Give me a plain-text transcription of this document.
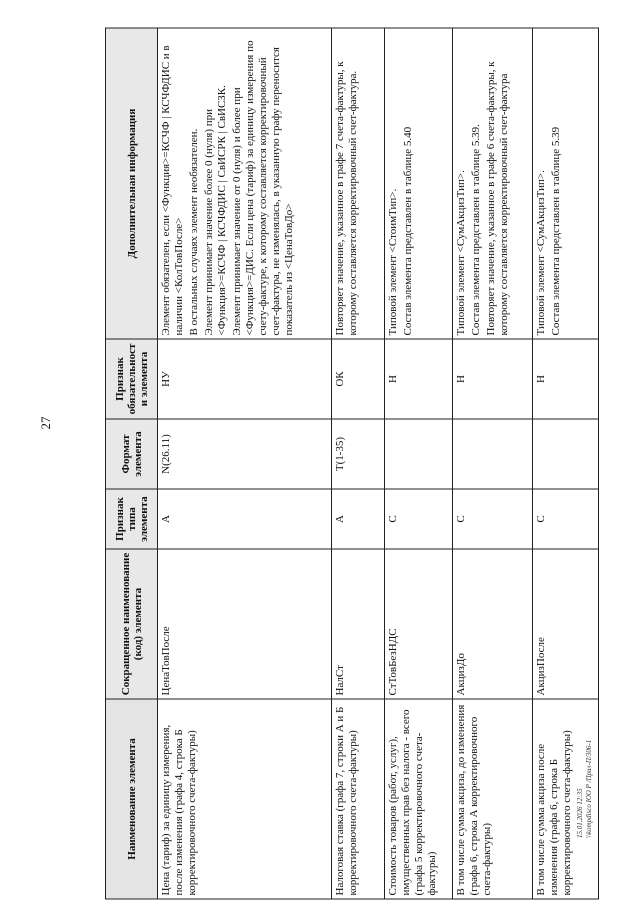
27
Наименование элемента	Сокращенное наименование (код) элемента	Признак типа элемента	Формат элемента	Признак обязательности элемента	Дополнительная информация
Цена (тариф) за единицу измерения, после изменения (графа 4, строка Б корректировочного счета-фактуры)	ЦенаТовПосле	А	N(26.11)	НУ	Элемент обязателен, если <Функция>=КСЧФ | КСЧФДИС и в наличии <КолТовПосле> В остальных случаях элемент необязателен. Элемент принимает значение более 0 (нуля) при <Функция>=КСЧФ | КСЧФДИС | СвИСРК | СвИСЗК. Элемент принимает значение от 0 (нуля) и более при <Функция>=ДИС. Если цена (тариф) за единицу измерения по счету-фактуре, к которому составляется корректировочный счет-фактура, не изменялась, в указанную графу переносится показатель из <ЦенаТовДо>

Налоговая ставка (графа 7, строки А и Б корректировочного счета-фактуры)	НалСт	А	T(1-35)	ОК	Повторяет значение, указанное в графе 7 счета-фактуры, к которому составляется корректировочный счет-фактура.

Стоимость товаров (работ, услуг), имущественных прав без налога - всего (графа 5 корректировочного счета-фактуры)	СтТовБезНДС	С		Н	Типовой элемент <СтоимТип>. Состав элемента представлен в таблице 5.40

В том числе сумма акциза, до изменения (графа 6, строка А корректировочного счета-фактуры)	АкцизДо	С		Н	Типовой элемент <СумАкцизТип>. Состав элемента представлен в таблице 5.39. Повторяет значение, указанное в графе 6 счета-фактуры, к которому составляется корректировочный счет-фактура

В том числе сумма акциза после изменения (графа 6, строка Б корректировочного счета-фактуры)	АкцизПосле	С		Н	Типовой элемент <СумАкцизТип>. Состав элемента представлен в таблице 5.39

15.01.2026 12:35 \\kompdisco ЮО Р /Прил-П/306-1
